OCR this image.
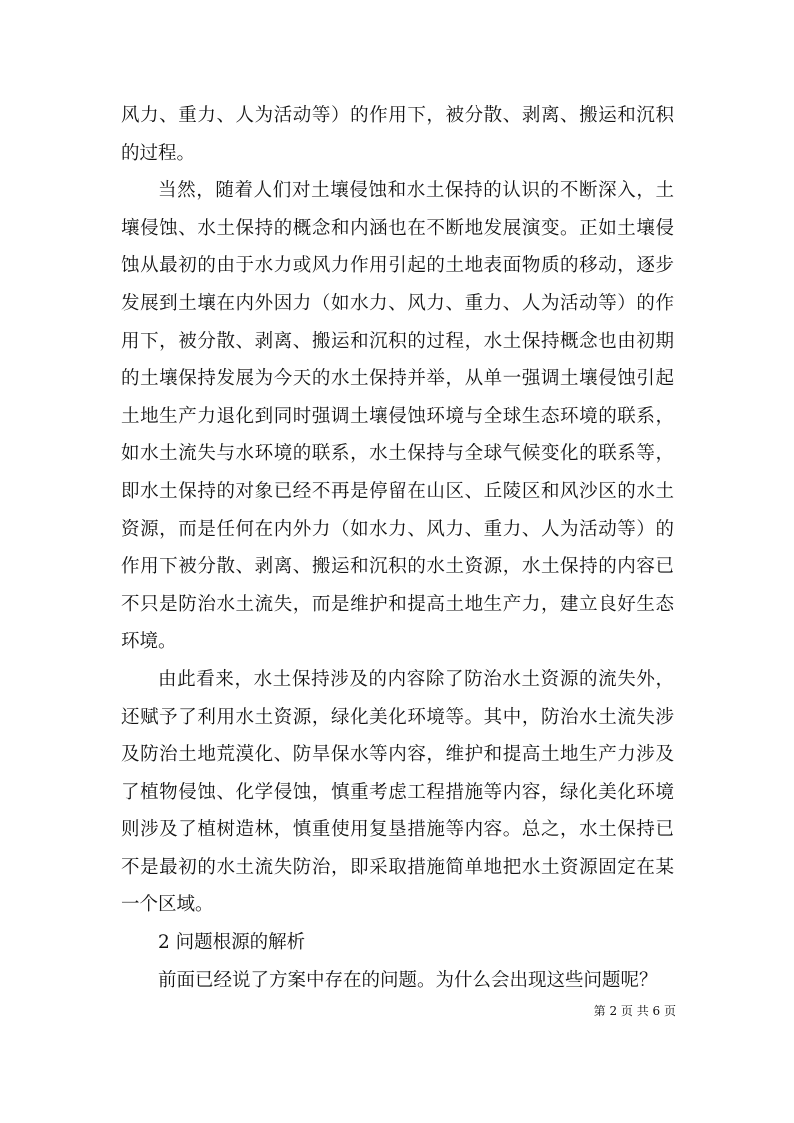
风力、重力、人为活动等）的作用下，被分散、剥离、搬运和沉积的过程。

当然，随着人们对土壤侵蚀和水土保持的认识的不断深入，土壤侵蚀、水土保持的概念和内涵也在不断地发展演变。正如土壤侵蚀从最初的由于水力或风力作用引起的土地表面物质的移动，逐步发展到土壤在内外因力（如水力、风力、重力、人为活动等）的作用下，被分散、剥离、搬运和沉积的过程，水土保持概念也由初期的土壤保持发展为今天的水土保持并举，从单一强调土壤侵蚀引起土地生产力退化到同时强调土壤侵蚀环境与全球生态环境的联系，如水土流失与水环境的联系，水土保持与全球气候变化的联系等，即水土保持的对象已经不再是停留在山区、丘陵区和风沙区的水土资源，而是任何在内外力（如水力、风力、重力、人为活动等）的作用下被分散、剥离、搬运和沉积的水土资源，水土保持的内容已不只是防治水土流失，而是维护和提高土地生产力，建立良好生态环境。

由此看来，水土保持涉及的内容除了防治水土资源的流失外，还赋予了利用水土资源，绿化美化环境等。其中，防治水土流失涉及防治土地荒漠化、防旱保水等内容，维护和提高土地生产力涉及了植物侵蚀、化学侵蚀，慎重考虑工程措施等内容，绿化美化环境则涉及了植树造林，慎重使用复垦措施等内容。总之，水土保持已不是最初的水土流失防治，即采取措施简单地把水土资源固定在某一个区域。

2 问题根源的解析

前面已经说了方案中存在的问题。为什么会出现这些问题呢？

第 2 页 共 6 页
